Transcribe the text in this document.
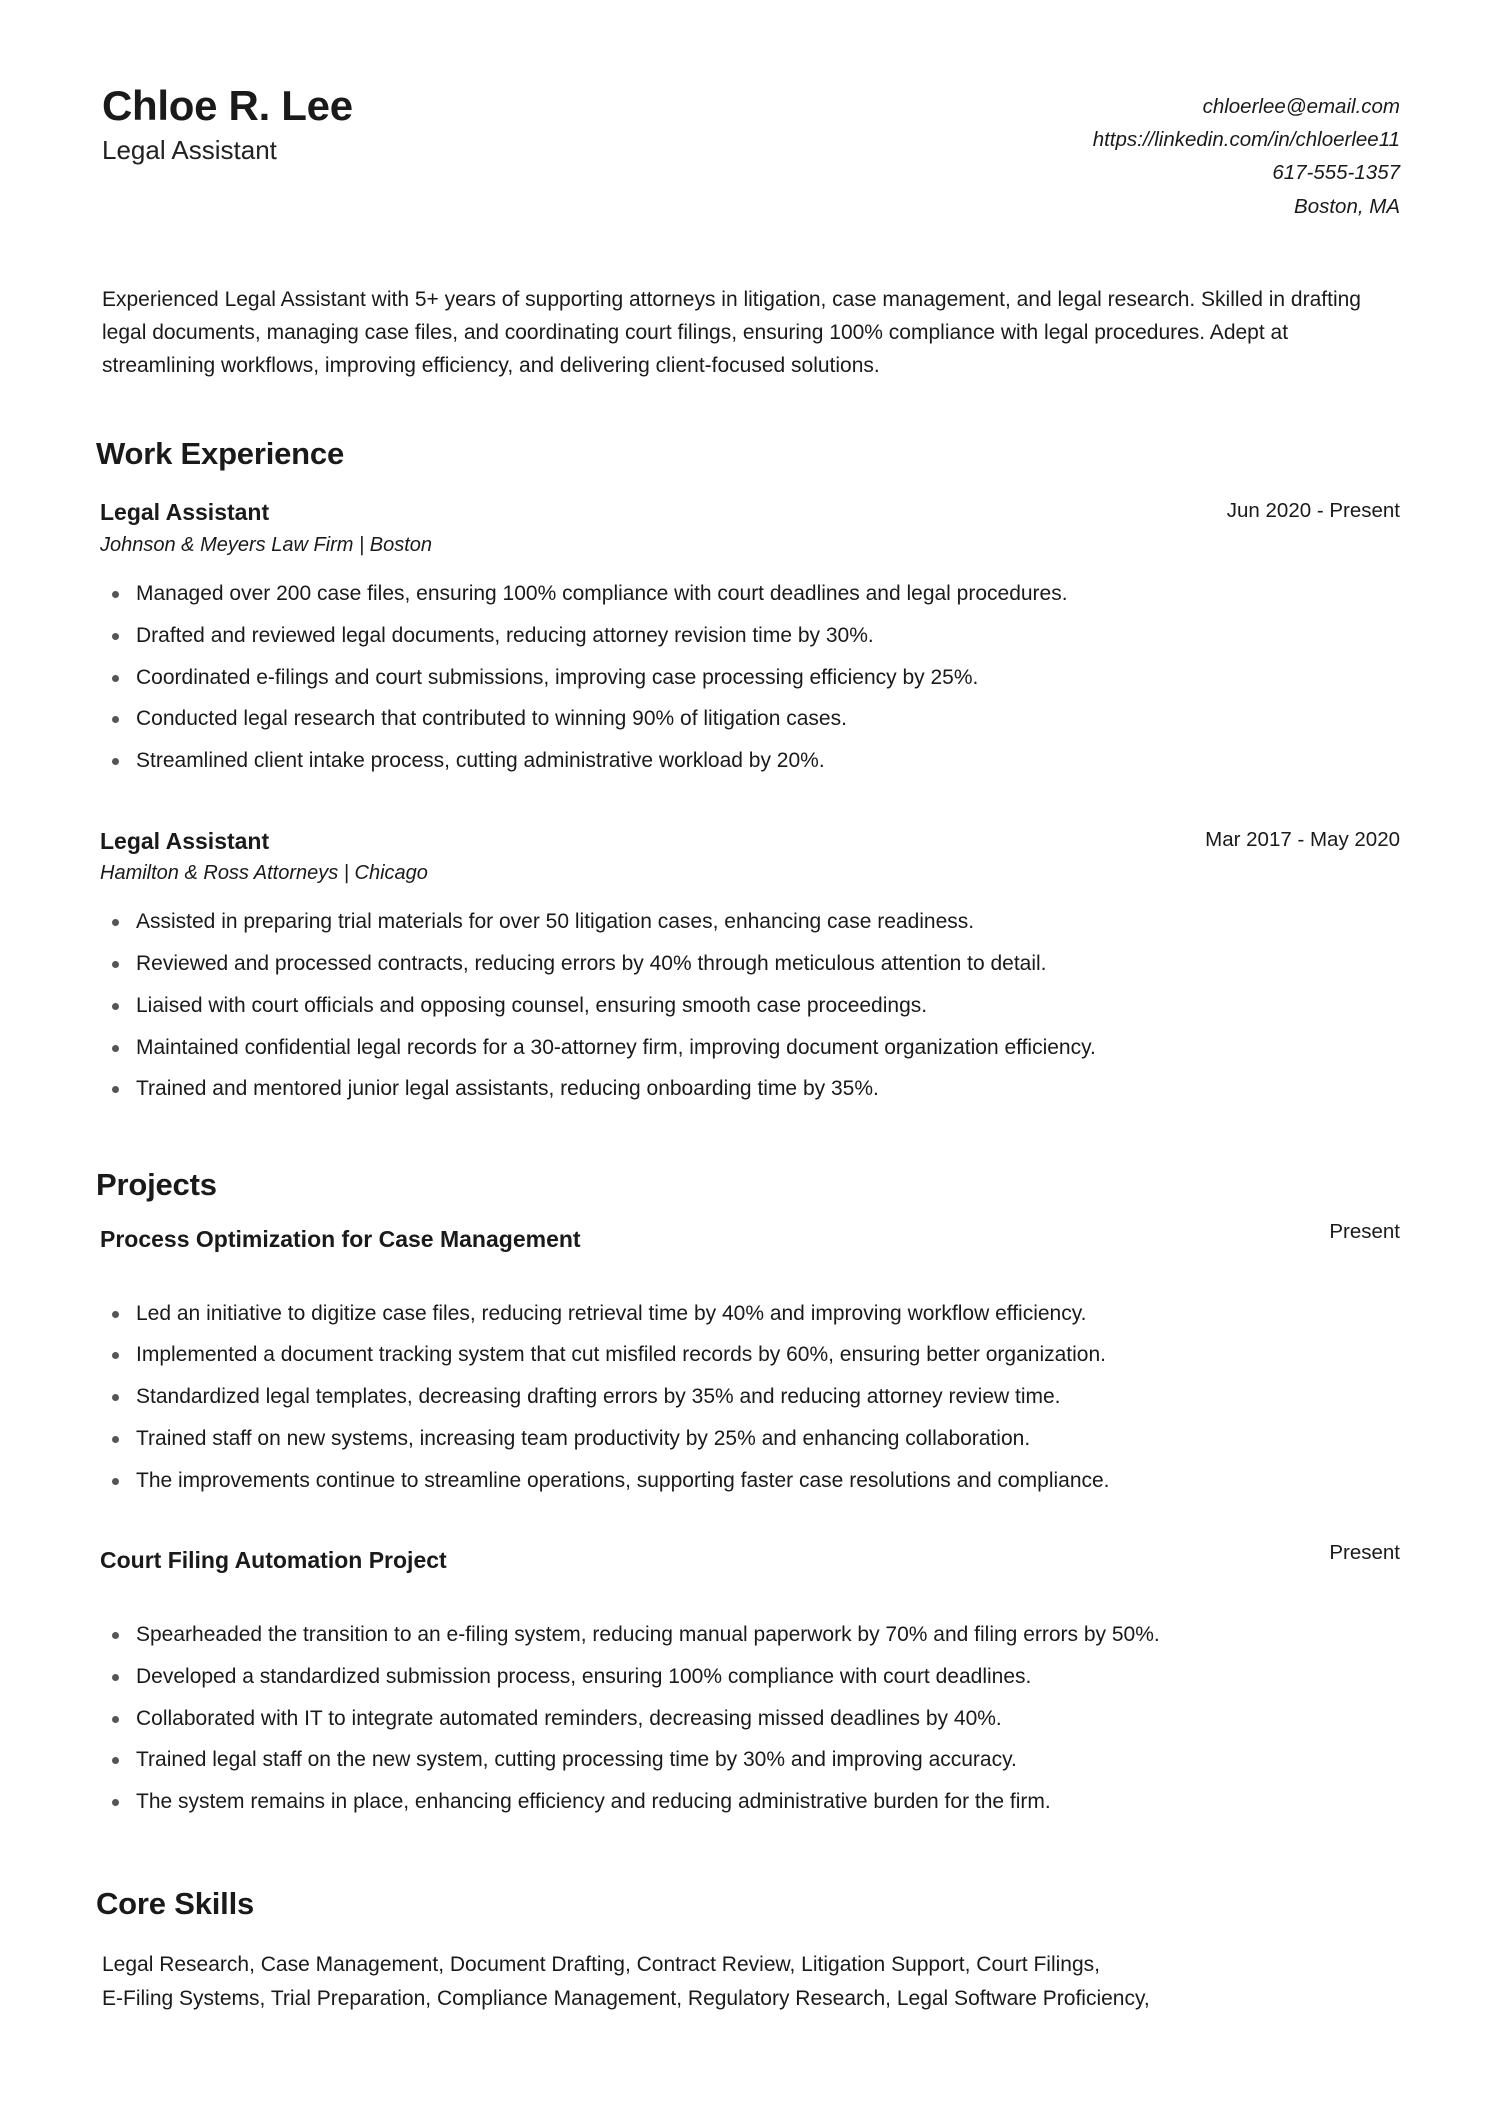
Chloe R. Lee
Legal Assistant
chloerlee@email.com
https://linkedin.com/in/chloerlee11
617-555-1357
Boston, MA

Experienced Legal Assistant with 5+ years of supporting attorneys in litigation, case management, and legal research. Skilled in drafting legal documents, managing case files, and coordinating court filings, ensuring 100% compliance with legal procedures. Adept at streamlining workflows, improving efficiency, and delivering client-focused solutions.

Work Experience
Legal Assistant	Jun 2020 - Present
Johnson & Meyers Law Firm | Boston
Managed over 200 case files, ensuring 100% compliance with court deadlines and legal procedures.
Drafted and reviewed legal documents, reducing attorney revision time by 30%.
Coordinated e-filings and court submissions, improving case processing efficiency by 25%.
Conducted legal research that contributed to winning 90% of litigation cases.
Streamlined client intake process, cutting administrative workload by 20%.
Legal Assistant	Mar 2017 - May 2020
Hamilton & Ross Attorneys | Chicago
Assisted in preparing trial materials for over 50 litigation cases, enhancing case readiness.
Reviewed and processed contracts, reducing errors by 40% through meticulous attention to detail.
Liaised with court officials and opposing counsel, ensuring smooth case proceedings.
Maintained confidential legal records for a 30-attorney firm, improving document organization efficiency.
Trained and mentored junior legal assistants, reducing onboarding time by 35%.
Projects
Process Optimization for Case Management	Present
Led an initiative to digitize case files, reducing retrieval time by 40% and improving workflow efficiency.
Implemented a document tracking system that cut misfiled records by 60%, ensuring better organization.
Standardized legal templates, decreasing drafting errors by 35% and reducing attorney review time.
Trained staff on new systems, increasing team productivity by 25% and enhancing collaboration.
The improvements continue to streamline operations, supporting faster case resolutions and compliance.
Court Filing Automation Project	Present
Spearheaded the transition to an e-filing system, reducing manual paperwork by 70% and filing errors by 50%.
Developed a standardized submission process, ensuring 100% compliance with court deadlines.
Collaborated with IT to integrate automated reminders, decreasing missed deadlines by 40%.
Trained legal staff on the new system, cutting processing time by 30% and improving accuracy.
The system remains in place, enhancing efficiency and reducing administrative burden for the firm.
Core Skills
Legal Research, Case Management, Document Drafting, Contract Review, Litigation Support, Court Filings,
E-Filing Systems, Trial Preparation, Compliance Management, Regulatory Research, Legal Software Proficiency,
